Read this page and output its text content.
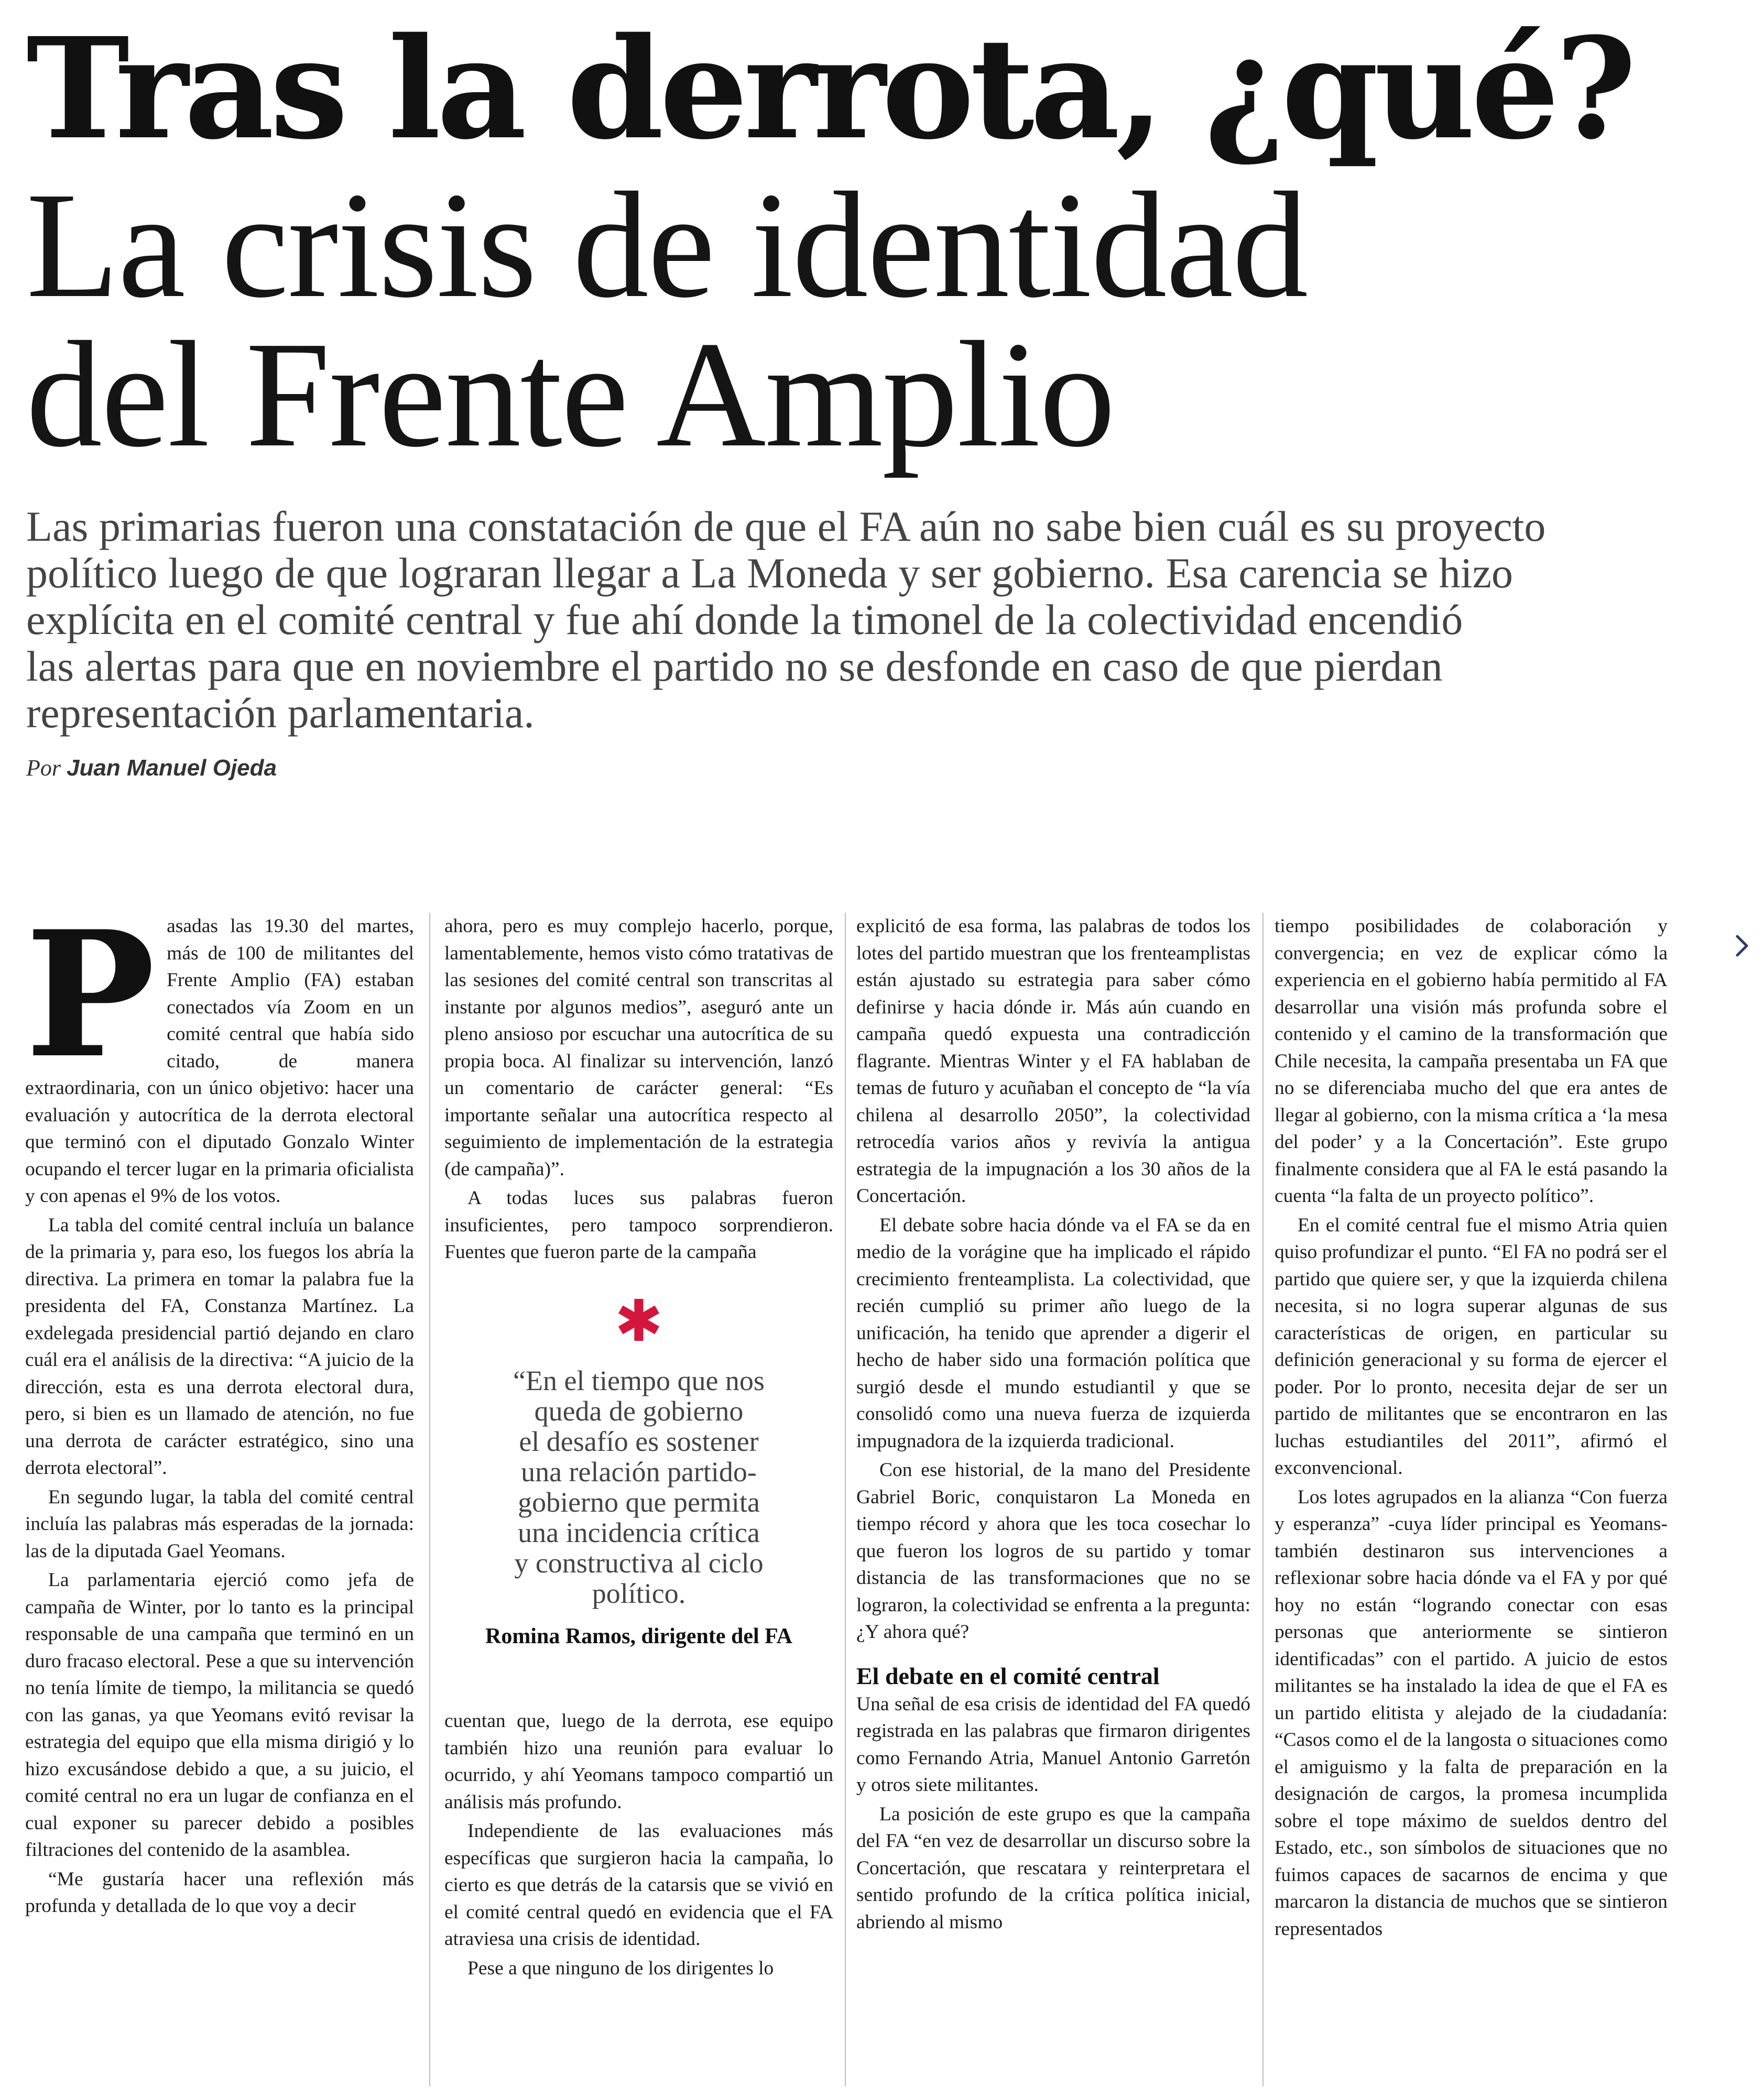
Tras la derrota, ¿qué?
La crisis de identidad
del Frente Amplio
Las primarias fueron una constatación de que el FA aún no sabe bien cuál es su proyecto
político luego de que lograran llegar a La Moneda y ser gobierno. Esa carencia se hizo
explícita en el comité central y fue ahí donde la timonel de la colectividad encendió
las alertas para que en noviembre el partido no se desfonde en caso de que pierdan
representación parlamentaria.
Por Juan Manuel Ojeda

Pasadas las 19.30 del martes, más de 100 de militantes del Frente Amplio (FA) estaban conectados vía Zoom en un comité central que había sido citado, de manera extraordinaria, con un único objetivo: hacer una evaluación y autocrítica de la derrota electoral que terminó con el diputado Gonzalo Winter ocupando el tercer lugar en la primaria oficialista y con apenas el 9% de los votos.

La tabla del comité central incluía un balance de la primaria y, para eso, los fuegos los abría la directiva. La primera en tomar la palabra fue la presidenta del FA, Constanza Martínez. La exdelegada presidencial partió dejando en claro cuál era el análisis de la directiva: “A juicio de la dirección, esta es una derrota electoral dura, pero, si bien es un llamado de atención, no fue una derrota de carácter estratégico, sino una derrota electoral”.

En segundo lugar, la tabla del comité central incluía las palabras más esperadas de la jornada: las de la diputada Gael Yeomans.

La parlamentaria ejerció como jefa de campaña de Winter, por lo tanto es la principal responsable de una campaña que terminó en un duro fracaso electoral. Pese a que su intervención no tenía límite de tiempo, la militancia se quedó con las ganas, ya que Yeomans evitó revisar la estrategia del equipo que ella misma dirigió y lo hizo excusándose debido a que, a su juicio, el comité central no era un lugar de confianza en el cual exponer su parecer debido a posibles filtraciones del contenido de la asamblea.

“Me gustaría hacer una reflexión más profunda y detallada de lo que voy a decir

ahora, pero es muy complejo hacerlo, porque, lamentablemente, hemos visto cómo tratativas de las sesiones del comité central son transcritas al instante por algunos medios”, aseguró ante un pleno ansioso por escuchar una autocrítica de su propia boca. Al finalizar su intervención, lanzó un comentario de carácter general: “Es importante señalar una autocrítica respecto al seguimiento de implementación de la estrategia (de campaña)”.

A todas luces sus palabras fueron insuficientes, pero tampoco sorprendieron. Fuentes que fueron parte de la campaña

✱
“En el tiempo que nos
queda de gobierno
el desafío es sostener
una relación partido-
gobierno que permita
una incidencia crítica
y constructiva al ciclo
político.
Romina Ramos, dirigente del FA

cuentan que, luego de la derrota, ese equipo también hizo una reunión para evaluar lo ocurrido, y ahí Yeomans tampoco compartió un análisis más profundo.

Independiente de las evaluaciones más específicas que surgieron hacia la campaña, lo cierto es que detrás de la catarsis que se vivió en el comité central quedó en evidencia que el FA atraviesa una crisis de identidad.

Pese a que ninguno de los dirigentes lo

explicitó de esa forma, las palabras de todos los lotes del partido muestran que los frenteamplistas están ajustado su estrategia para saber cómo definirse y hacia dónde ir. Más aún cuando en campaña quedó expuesta una contradicción flagrante. Mientras Winter y el FA hablaban de temas de futuro y acuñaban el concepto de “la vía chilena al desarrollo 2050”, la colectividad retrocedía varios años y revivía la antigua estrategia de la impugnación a los 30 años de la Concertación.

El debate sobre hacia dónde va el FA se da en medio de la vorágine que ha implicado el rápido crecimiento frenteamplista. La colectividad, que recién cumplió su primer año luego de la unificación, ha tenido que aprender a digerir el hecho de haber sido una formación política que surgió desde el mundo estudiantil y que se consolidó como una nueva fuerza de izquierda impugnadora de la izquierda tradicional.

Con ese historial, de la mano del Presidente Gabriel Boric, conquistaron La Moneda en tiempo récord y ahora que les toca cosechar lo que fueron los logros de su partido y tomar distancia de las transformaciones que no se lograron, la colectividad se enfrenta a la pregunta: ¿Y ahora qué?

El debate en el comité central

Una señal de esa crisis de identidad del FA quedó registrada en las palabras que firmaron dirigentes como Fernando Atria, Manuel Antonio Garretón y otros siete militantes.

La posición de este grupo es que la campaña del FA “en vez de desarrollar un discurso sobre la Concertación, que rescatara y reinterpretara el sentido profundo de la crítica política inicial, abriendo al mismo

tiempo posibilidades de colaboración y convergencia; en vez de explicar cómo la experiencia en el gobierno había permitido al FA desarrollar una visión más profunda sobre el contenido y el camino de la transformación que Chile necesita, la campaña presentaba un FA que no se diferenciaba mucho del que era antes de llegar al gobierno, con la misma crítica a ‘la mesa del poder’ y a la Concertación”. Este grupo finalmente considera que al FA le está pasando la cuenta “la falta de un proyecto político”.

En el comité central fue el mismo Atria quien quiso profundizar el punto. “El FA no podrá ser el partido que quiere ser, y que la izquierda chilena necesita, si no logra superar algunas de sus características de origen, en particular su definición generacional y su forma de ejercer el poder. Por lo pronto, necesita dejar de ser un partido de militantes que se encontraron en las luchas estudiantiles del 2011”, afirmó el exconvencional.

Los lotes agrupados en la alianza “Con fuerza y esperanza” -cuya líder principal es Yeomans- también destinaron sus intervenciones a reflexionar sobre hacia dónde va el FA y por qué hoy no están “logrando conectar con esas personas que anteriormente se sintieron identificadas” con el partido. A juicio de estos militantes se ha instalado la idea de que el FA es un partido elitista y alejado de la ciudadanía: “Casos como el de la langosta o situaciones como el amiguismo y la falta de preparación en la designación de cargos, la promesa incumplida sobre el tope máximo de sueldos dentro del Estado, etc., son símbolos de situaciones que no fuimos capaces de sacarnos de encima y que marcaron la distancia de muchos que se sintieron representados
